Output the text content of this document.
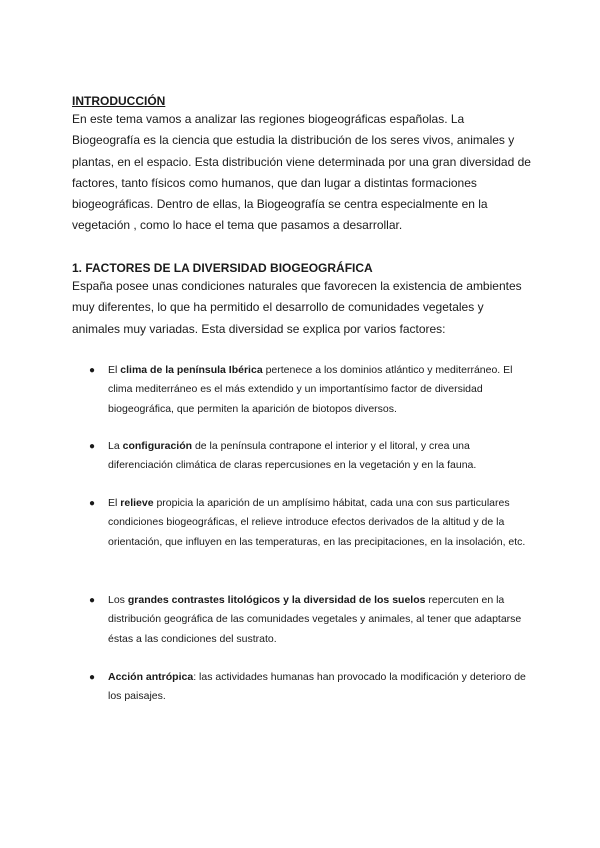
INTRODUCCIÓN

En este tema vamos a analizar las regiones biogeográficas españolas. La Biogeografía es la ciencia que estudia la distribución de los seres vivos, animales y plantas, en el espacio. Esta distribución viene determinada por una gran diversidad de factores, tanto físicos como humanos, que dan lugar a distintas formaciones biogeográficas. Dentro de ellas, la Biogeografía se centra especialmente en la vegetación , como lo hace el tema que pasamos a desarrollar.

1. FACTORES DE LA DIVERSIDAD BIOGEOGRÁFICA

España posee unas condiciones naturales que favorecen la existencia de ambientes muy diferentes, lo que ha permitido el desarrollo de comunidades vegetales y animales muy variadas. Esta diversidad se explica por varios factores:

●	El clima de la península Ibérica pertenece a los dominios atlántico y mediterráneo. El clima mediterráneo es el más extendido y un importantísimo factor de diversidad biogeográfica, que permiten la aparición de biotopos diversos.
●	La configuración de la península contrapone el interior y el litoral, y crea una diferenciación climática de claras repercusiones en la vegetación y en la fauna.
●	El relieve propicia la aparición de un amplísimo hábitat, cada una con sus particulares condiciones biogeográficas, el relieve introduce efectos derivados de la altitud y de la orientación, que influyen en las temperaturas, en las precipitaciones, en la insolación, etc.
●	Los grandes contrastes litológicos y la diversidad de los suelos repercuten en la distribución geográfica de las comunidades vegetales y animales, al tener que adaptarse éstas a las condiciones del sustrato.
●	Acción antrópica: las actividades humanas han provocado la modificación y deterioro de los paisajes.
